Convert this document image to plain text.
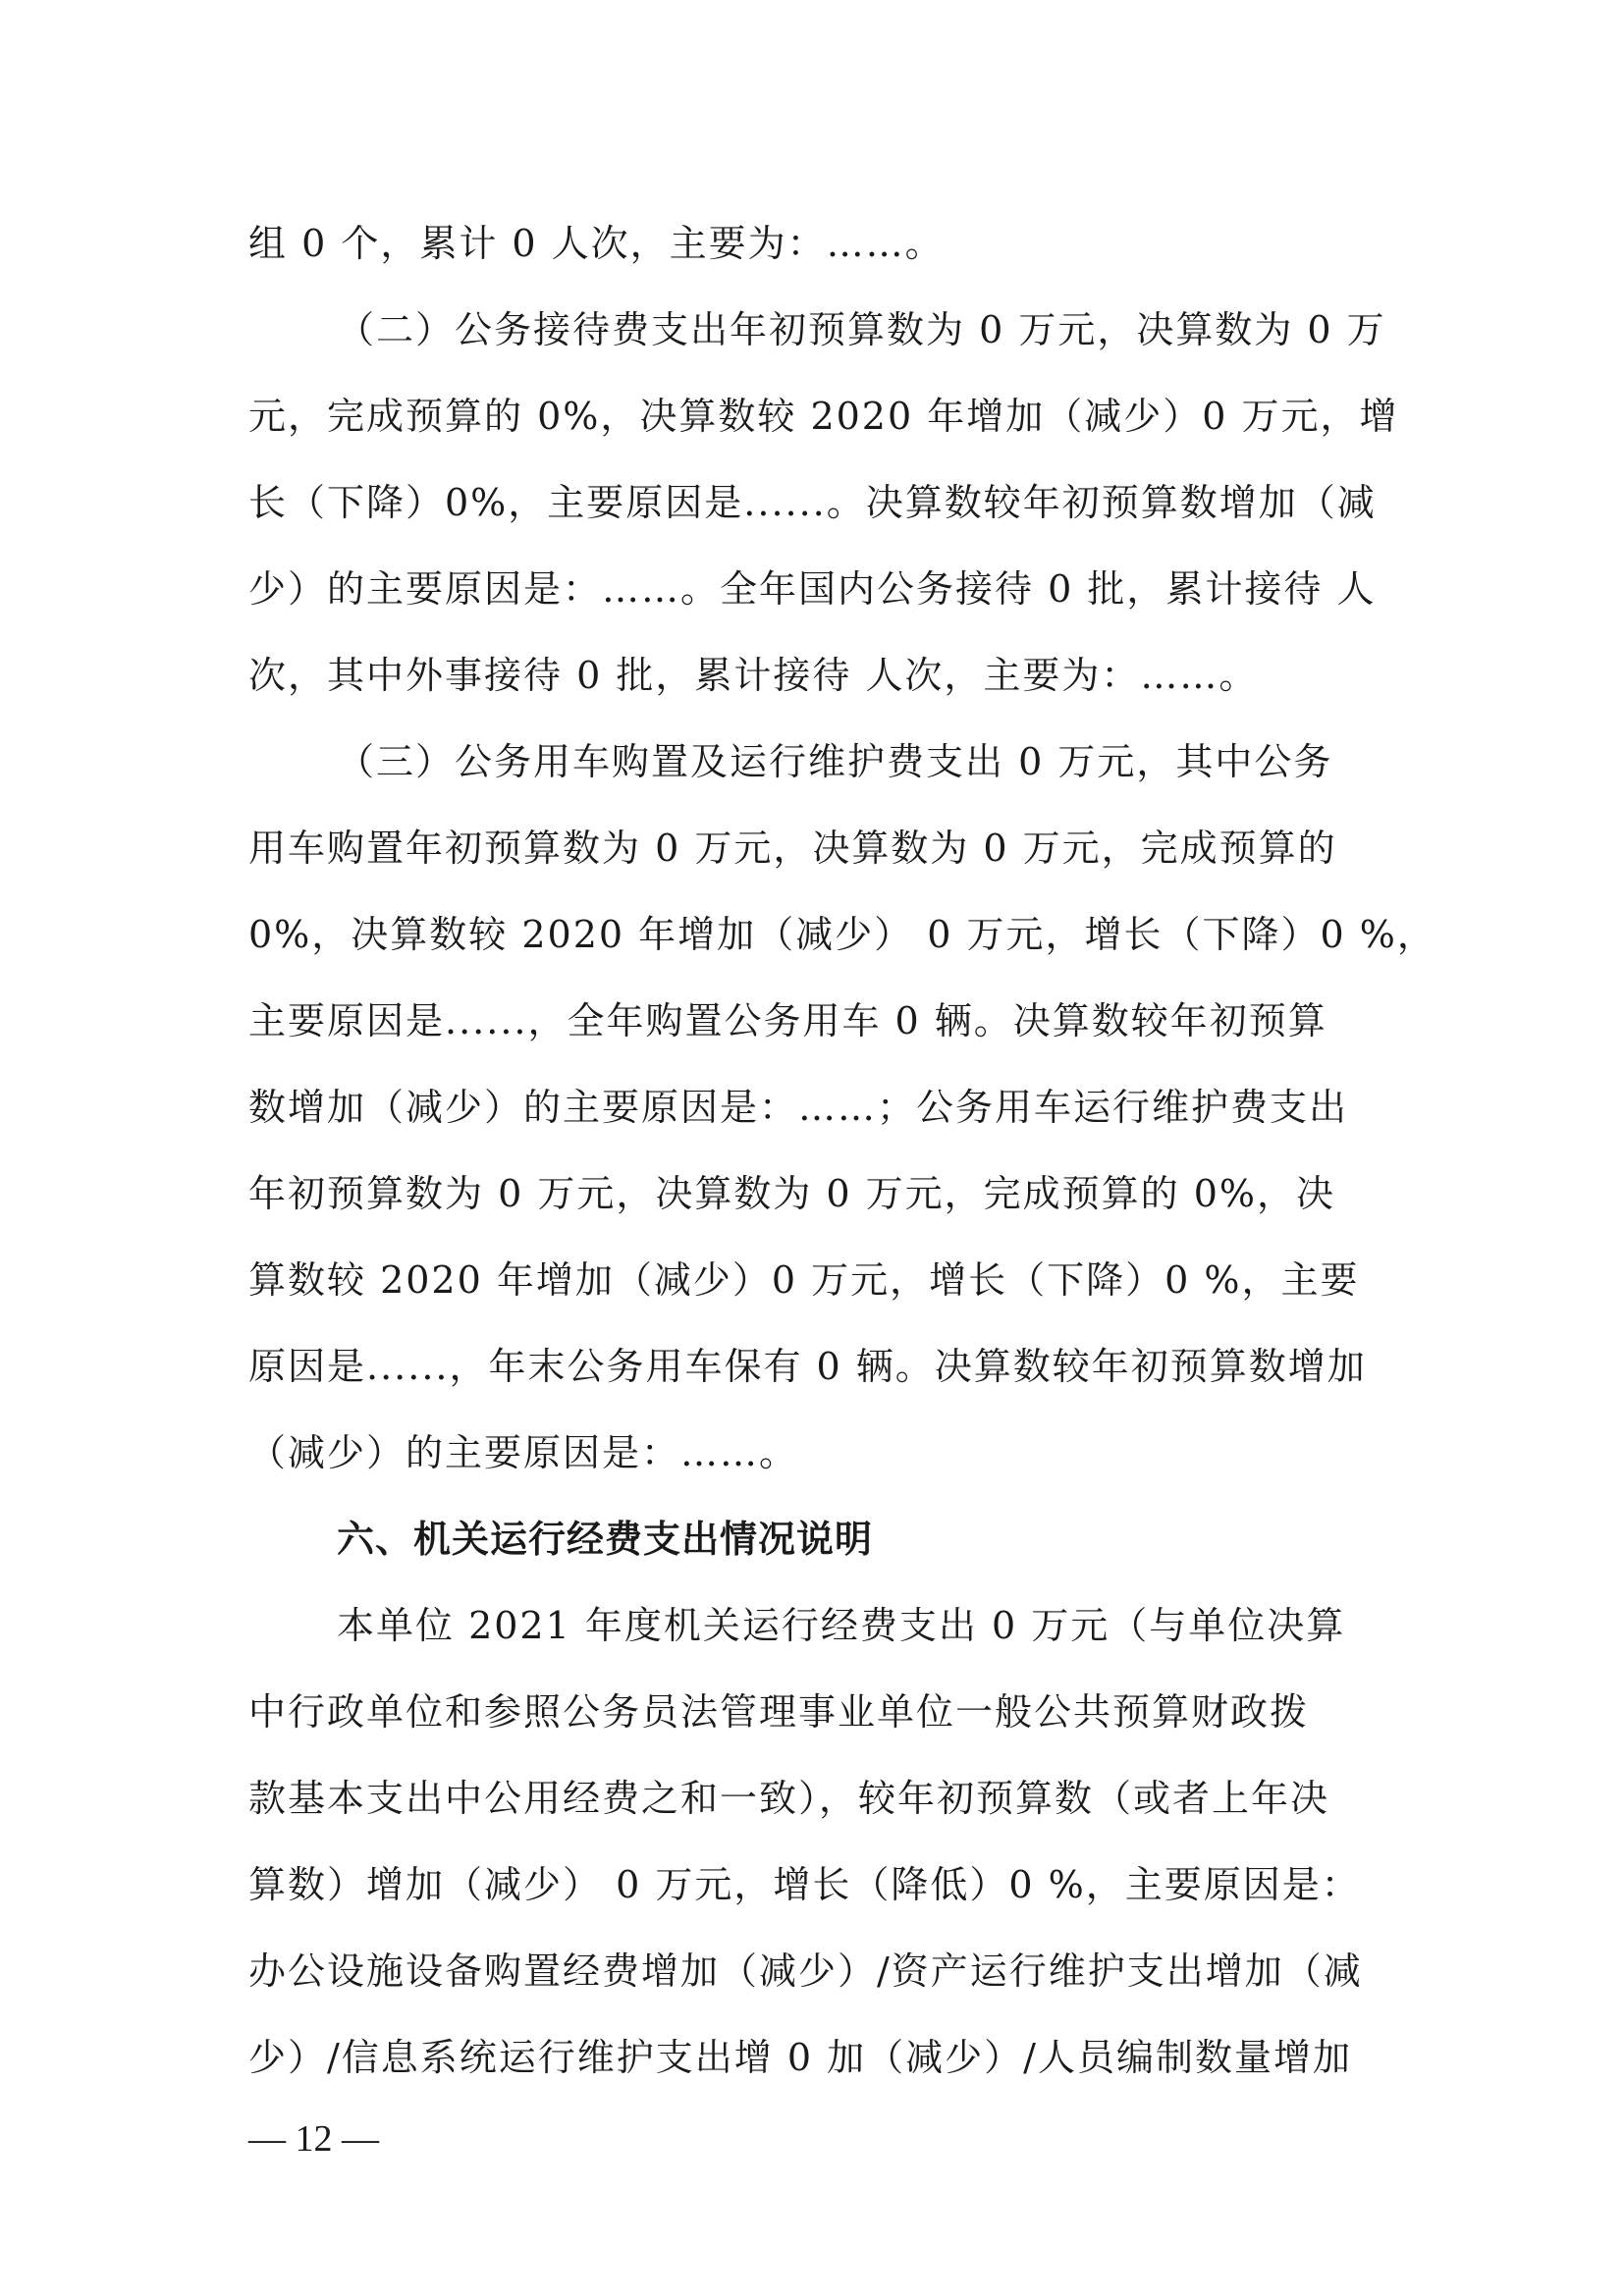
组 0 个，累计 0 人次，主要为：……。
（二）公务接待费支出年初预算数为 0 万元，决算数为 0 万
元，完成预算的 0%，决算数较 2020 年增加（减少）0 万元，增
长（下降）0%，主要原因是......。决算数较年初预算数增加（减
少）的主要原因是：……。全年国内公务接待 0 批，累计接待 人
次，其中外事接待 0 批，累计接待 人次，主要为：……。
（三）公务用车购置及运行维护费支出 0 万元，其中公务
用车购置年初预算数为 0 万元，决算数为 0 万元，完成预算的
0%，决算数较 2020 年增加（减少） 0 万元，增长（下降）0 %，
主要原因是......，全年购置公务用车 0 辆。决算数较年初预算
数增加（减少）的主要原因是：……；公务用车运行维护费支出
年初预算数为 0 万元，决算数为 0 万元，完成预算的 0%，决
算数较 2020 年增加（减少）0 万元，增长（下降）0 %，主要
原因是......，年末公务用车保有 0 辆。决算数较年初预算数增加
（减少）的主要原因是：……。
六、机关运行经费支出情况说明
本单位 2021 年度机关运行经费支出 0 万元（与单位决算
中行政单位和参照公务员法管理事业单位一般公共预算财政拨
款基本支出中公用经费之和一致），较年初预算数（或者上年决
算数）增加（减少） 0 万元，增长（降低）0 %，主要原因是：
办公设施设备购置经费增加（减少）/资产运行维护支出增加（减
少）/信息系统运行维护支出增 0 加（减少）/人员编制数量增加
— 12 —
